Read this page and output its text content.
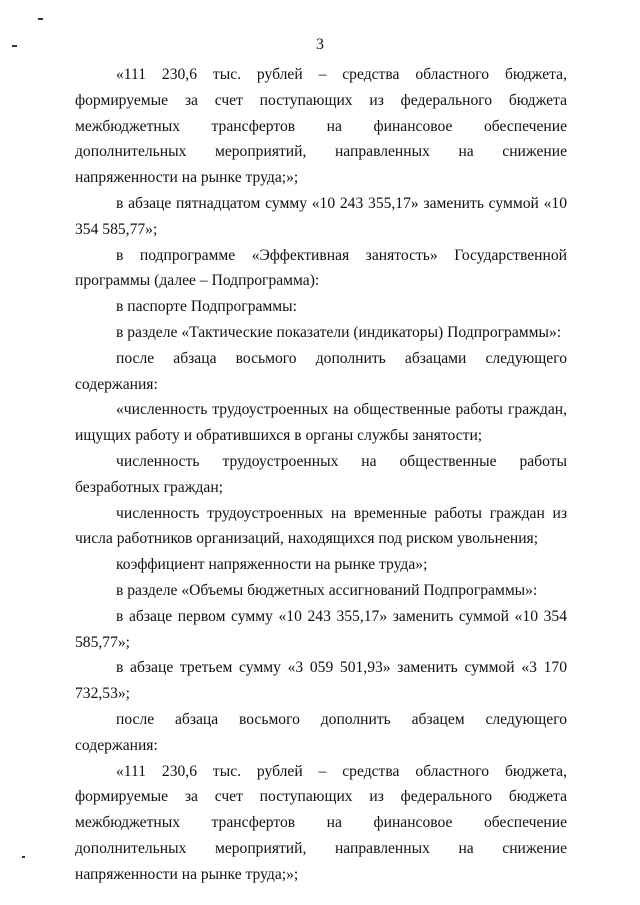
3

«111 230,6 тыс. рублей – средства областного бюджета, формируемые за счет поступающих из федерального бюджета межбюджетных трансфертов на финансовое обеспечение дополнительных мероприятий, направленных на снижение напряженности на рынке труда;»;

в абзаце пятнадцатом сумму «10 243 355,17» заменить суммой «10 354 585,77»;

в подпрограмме «Эффективная занятость» Государственной программы (далее – Подпрограмма):

в паспорте Подпрограммы:

в разделе «Тактические показатели (индикаторы) Подпрограммы»:

после абзаца восьмого дополнить абзацами следующего содержания:

«численность трудоустроенных на общественные работы граждан, ищущих работу и обратившихся в органы службы занятости;

численность трудоустроенных на общественные работы безработных граждан;

численность трудоустроенных на временные работы граждан из числа работников организаций, находящихся под риском увольнения;

коэффициент напряженности на рынке труда»;

в разделе «Объемы бюджетных ассигнований Подпрограммы»:

в абзаце первом сумму «10 243 355,17» заменить суммой «10 354 585,77»;

в абзаце третьем сумму «3 059 501,93» заменить суммой «3 170 732,53»;

после абзаца восьмого дополнить абзацем следующего содержания:

«111 230,6 тыс. рублей – средства областного бюджета, формируемые за счет поступающих из федерального бюджета межбюджетных трансфертов на финансовое обеспечение дополнительных мероприятий, направленных на снижение напряженности на рынке труда;»;
